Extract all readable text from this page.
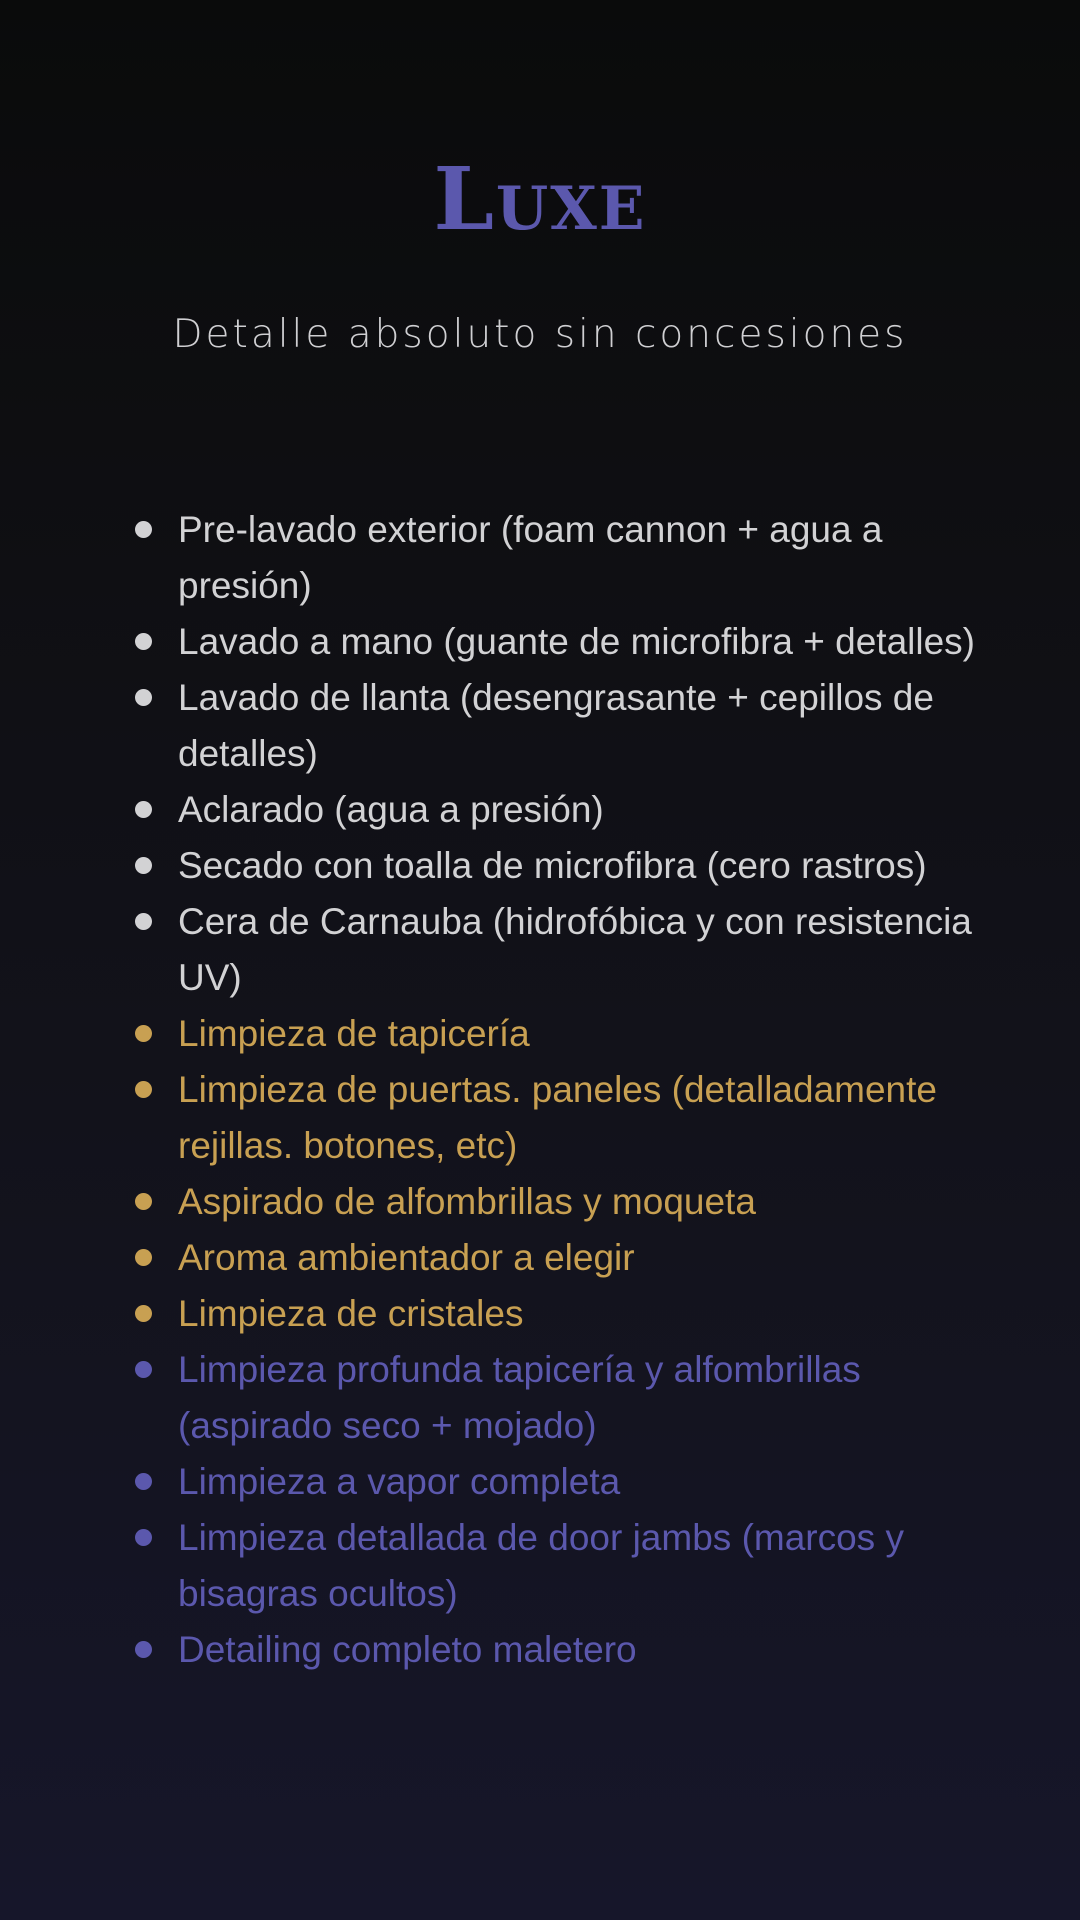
Luxe

Detalle absoluto sin concesiones

Pre-lavado exterior (foam cannon + agua a presión)
Lavado a mano (guante de microfibra + detalles)
Lavado de llanta (desengrasante + cepillos de detalles)
Aclarado (agua a presión)
Secado con toalla de microfibra (cero rastros)
Cera de Carnauba (hidrofóbica y con resistencia UV)
Limpieza de tapicería
Limpieza de puertas. paneles (detalladamente rejillas. botones, etc)
Aspirado de alfombrillas y moqueta
Aroma ambientador a elegir
Limpieza de cristales
Limpieza profunda tapicería y alfombrillas (aspirado seco + mojado)
Limpieza a vapor completa
Limpieza detallada de door jambs (marcos y bisagras ocultos)
Detailing completo maletero
